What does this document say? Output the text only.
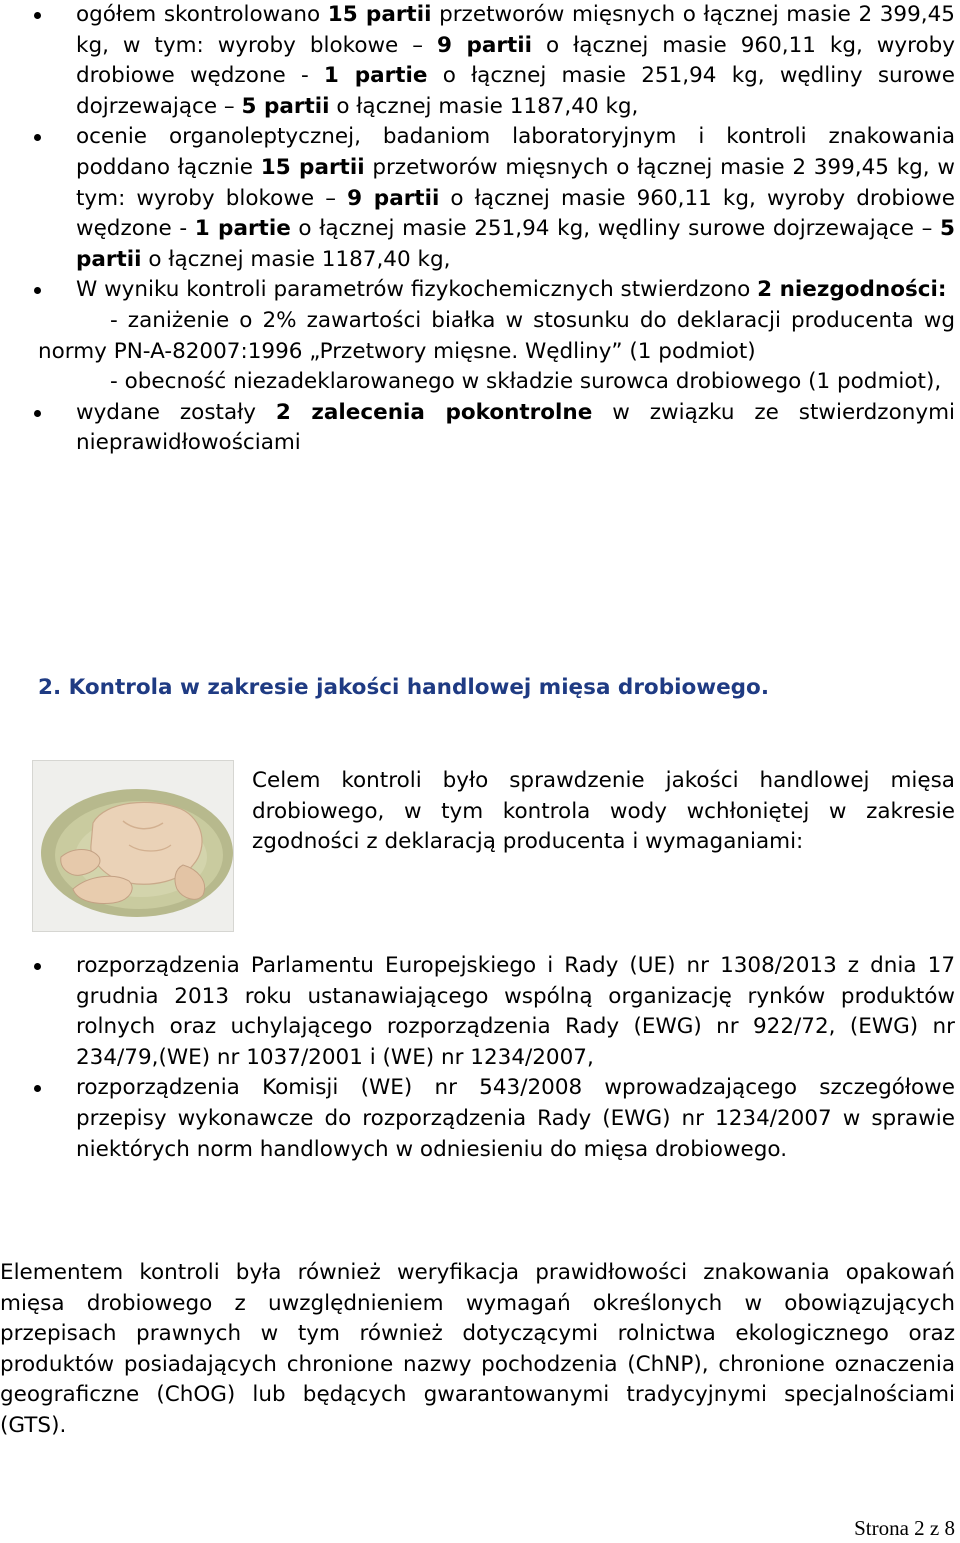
ogółem skontrolowano 15 partii przetworów mięsnych o łącznej masie 2 399,45 kg, w tym: wyroby blokowe – 9 partii o łącznej masie 960,11 kg, wyroby drobiowe wędzone - 1 partie o łącznej masie 251,94 kg, wędliny surowe dojrzewające – 5 partii o łącznej masie 1187,40 kg,

ocenie organoleptycznej, badaniom laboratoryjnym i kontroli znakowania poddano łącznie 15 partii przetworów mięsnych o łącznej masie 2 399,45 kg, w tym: wyroby blokowe – 9 partii o łącznej masie 960,11 kg, wyroby drobiowe wędzone - 1 partie o łącznej masie 251,94 kg, wędliny surowe dojrzewające – 5 partii o łącznej masie 1187,40 kg,

W wyniku kontroli parametrów fizykochemicznych stwierdzono 2 niezgodności:

- zaniżenie o 2% zawartości białka w stosunku do deklaracji producenta wg normy PN-A-82007:1996 „Przetwory mięsne. Wędliny” (1 podmiot)

- obecność niezadeklarowanego w składzie surowca drobiowego (1 podmiot),

wydane zostały 2 zalecenia pokontrolne w związku ze stwierdzonymi nieprawidłowościami

2. Kontrola w zakresie jakości handlowej mięsa drobiowego.

Celem kontroli było sprawdzenie jakości handlowej mięsa drobiowego, w tym kontrola wody wchłoniętej w zakresie zgodności z deklaracją producenta i wymaganiami:

rozporządzenia Parlamentu Europejskiego i Rady (UE) nr 1308/2013 z dnia 17 grudnia 2013 roku ustanawiającego wspólną organizację rynków produktów rolnych oraz uchylającego rozporządzenia Rady (EWG) nr 922/72, (EWG) nr 234/79,(WE) nr 1037/2001 i (WE) nr 1234/2007,

rozporządzenia Komisji (WE) nr 543/2008 wprowadzającego szczegółowe przepisy wykonawcze do rozporządzenia Rady (EWG) nr 1234/2007 w sprawie niektórych norm handlowych w odniesieniu do mięsa drobiowego.

Elementem kontroli była również weryfikacja prawidłowości znakowania opakowań mięsa drobiowego z uwzględnieniem wymagań określonych w obowiązujących przepisach prawnych w tym również dotyczącymi rolnictwa ekologicznego oraz produktów posiadających chronione nazwy pochodzenia (ChNP), chronione oznaczenia geograficzne (ChOG) lub będących gwarantowanymi tradycyjnymi specjalnościami (GTS).

Strona 2 z 8
